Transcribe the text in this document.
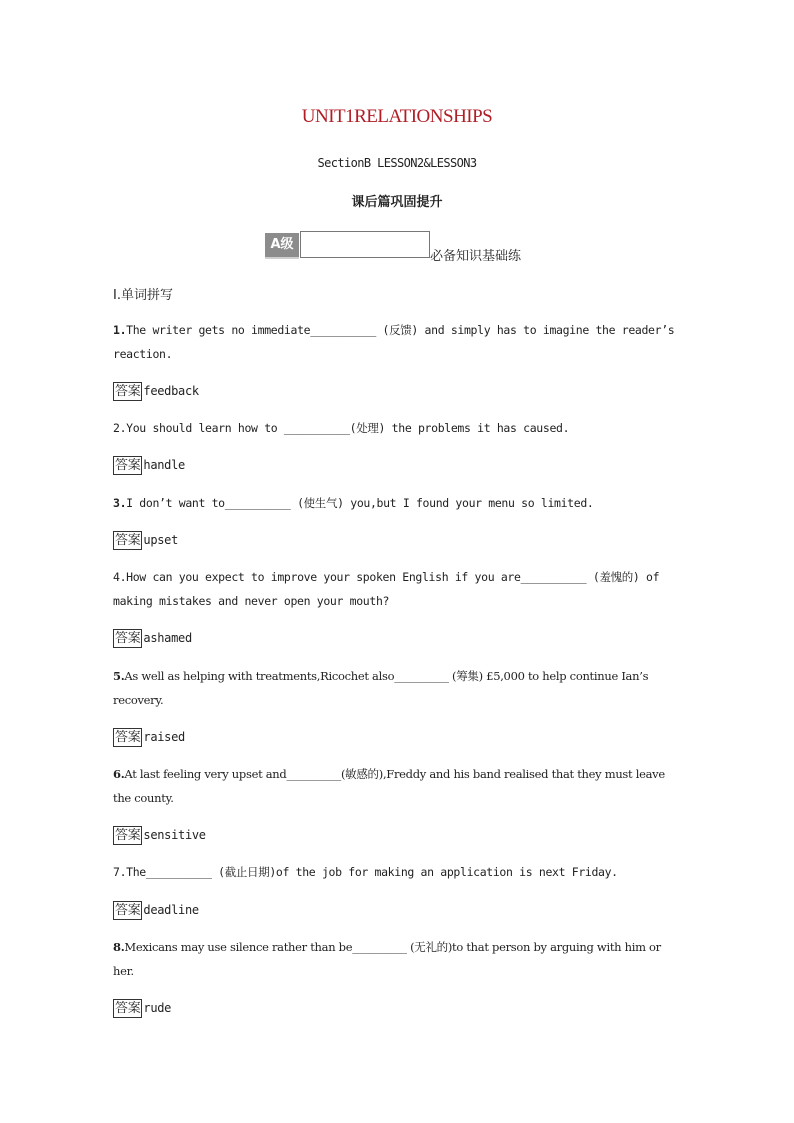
UNIT1RELATIONSHIPS
SectionB LESSON2&LESSON3
课后篇巩固提升
A级
必备知识基础练
Ⅰ.单词拼写
1.The writer gets no immediate__________ (反馈) and simply has to imagine the reader’s reaction.
答案 feedback
2.You should learn how to __________(处理) the problems it has caused.
答案 handle
3.I don’t want to__________ (使生气) you,but I found your menu so limited.
答案 upset
4.How can you expect to improve your spoken English if you are__________ (羞愧的) of making mistakes and never open your mouth?
答案 ashamed
5.As well as helping with treatments,Ricochet also__________ (筹集) £5,000 to help continue Ian’s recovery.
答案 raised
6.At last feeling very upset and__________(敏感的),Freddy and his band realised that they must leave the county.
答案 sensitive
7.The__________ (截止日期)of the job for making an application is next Friday.
答案 deadline
8.Mexicans may use silence rather than be__________ (无礼的)to that person by arguing with him or her.
答案 rude
